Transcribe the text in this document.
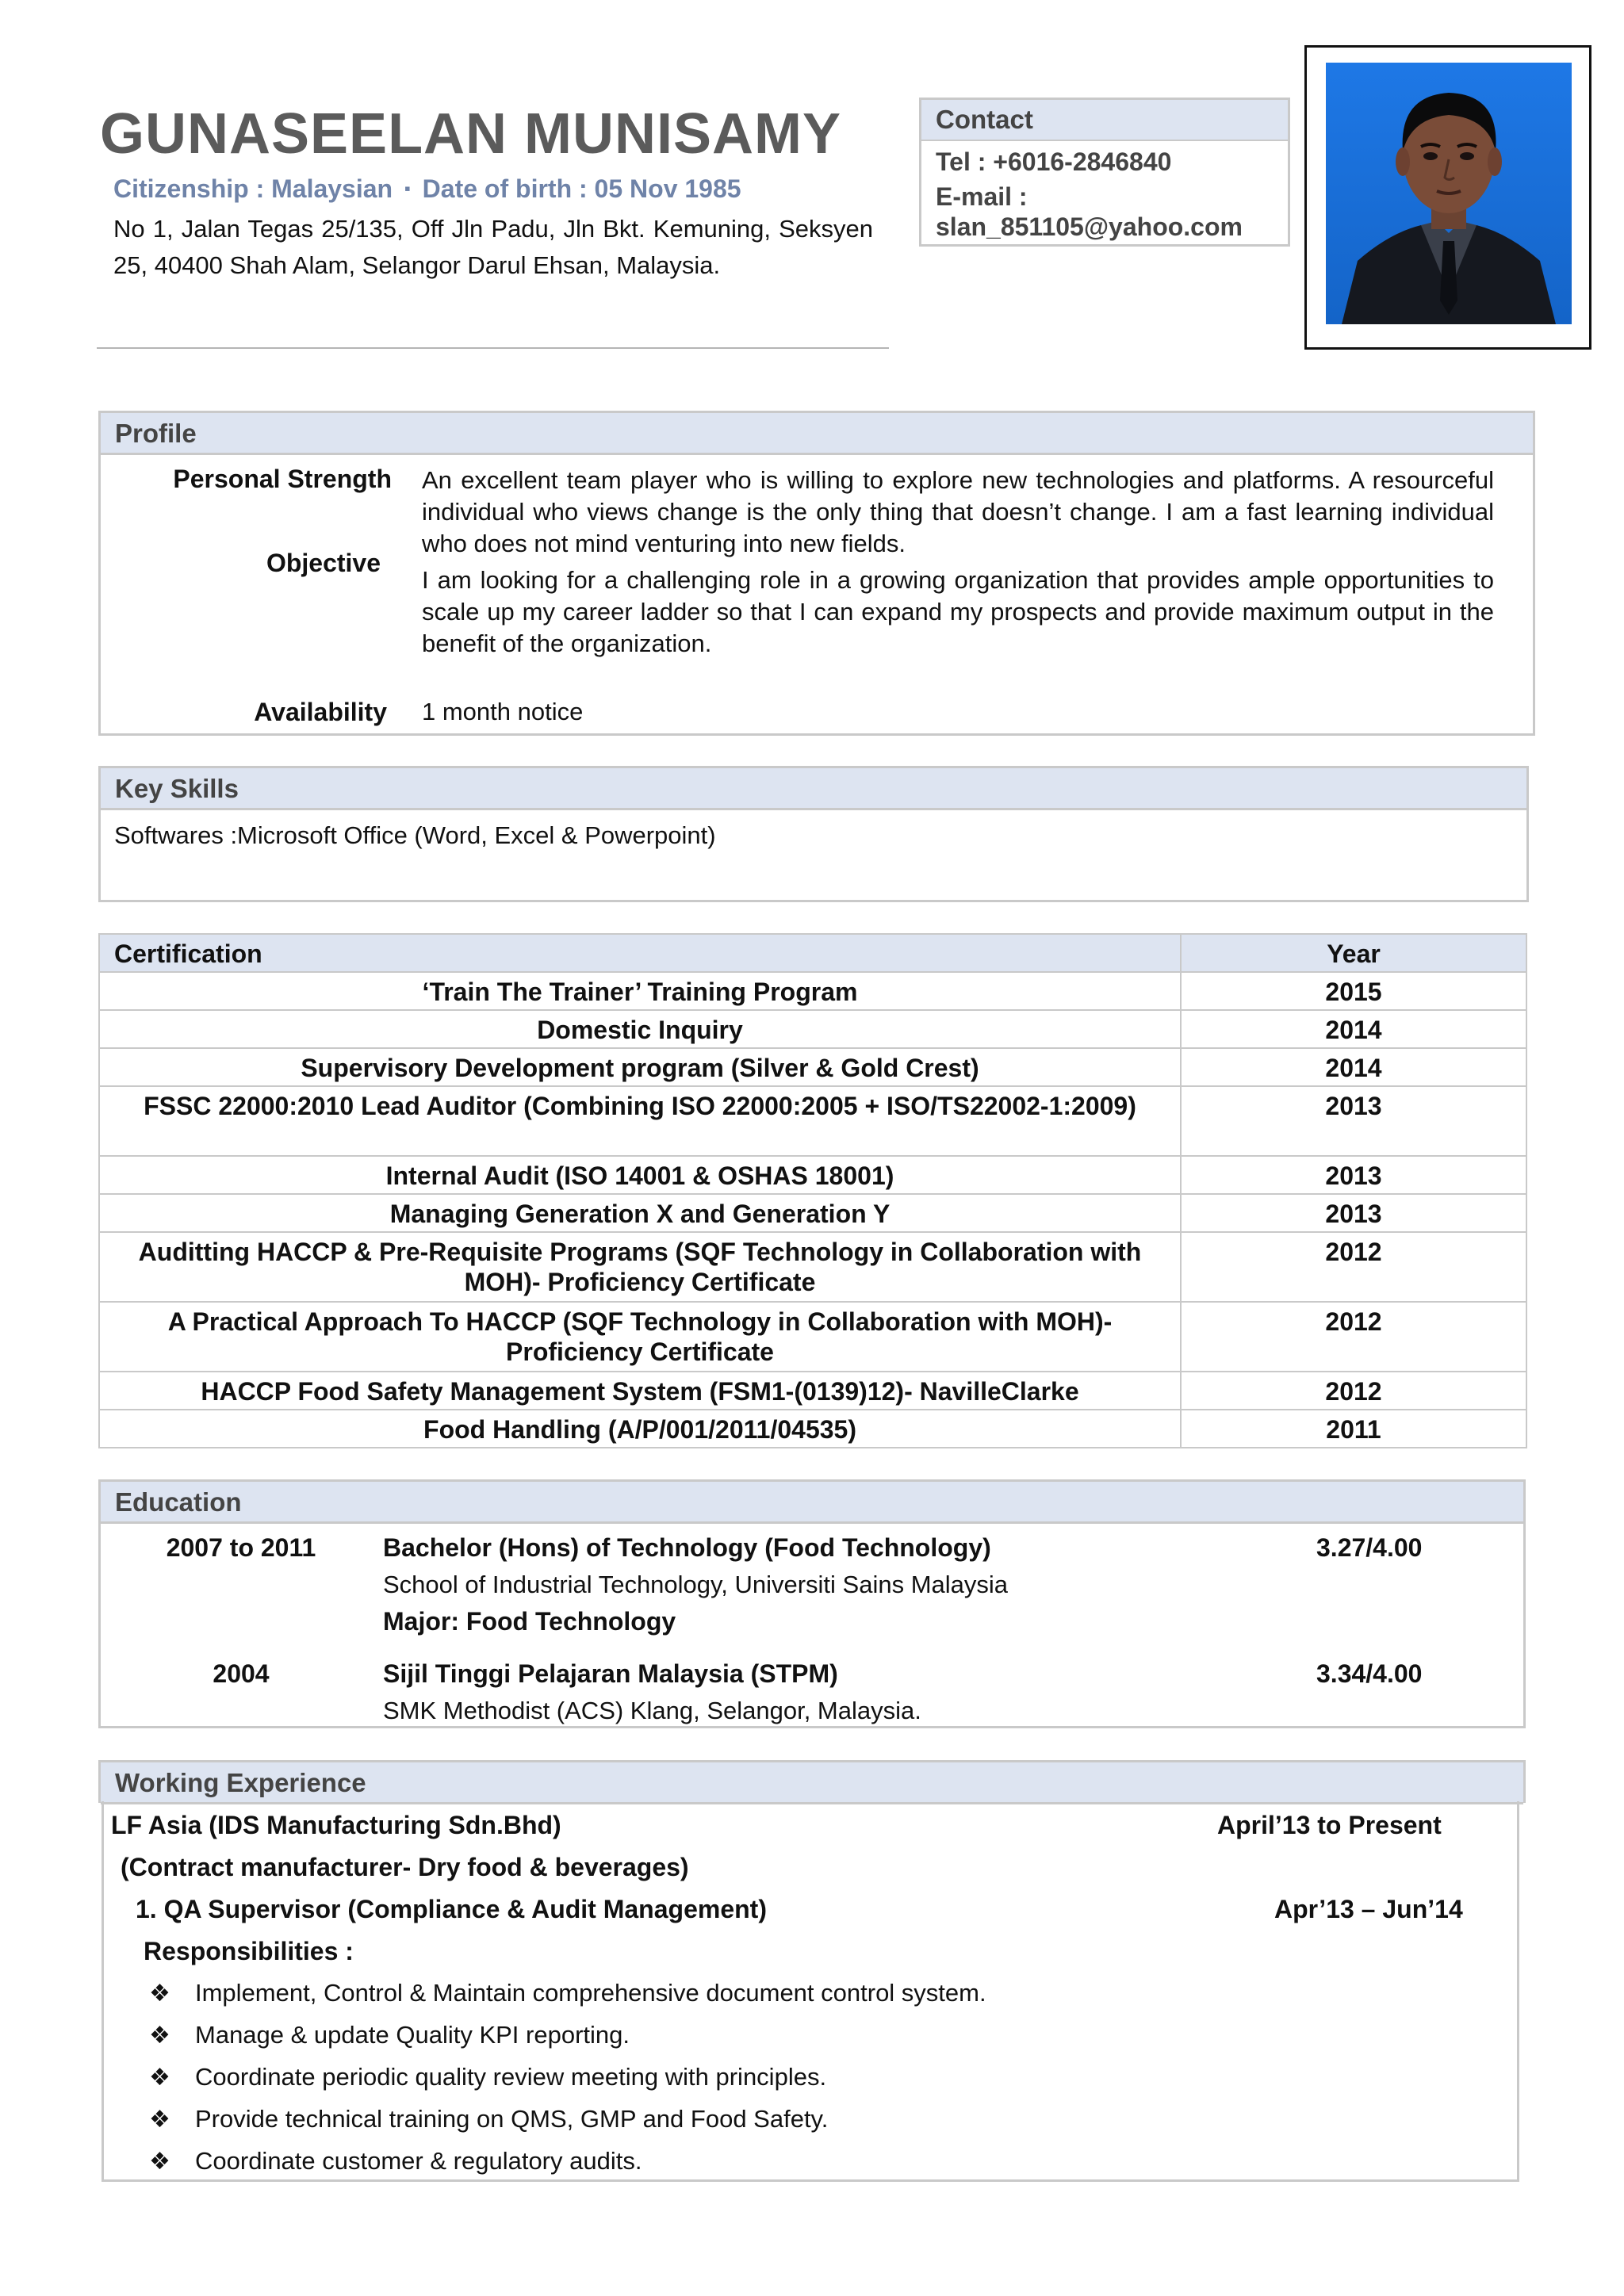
GUNASEELAN MUNISAMY
Citizenship : Malaysian ▪ Date of birth : 05 Nov 1985
No 1, Jalan Tegas 25/135, Off Jln Padu, Jln Bkt. Kemuning, Seksyen 25, 40400 Shah Alam, Selangor Darul Ehsan, Malaysia.
Contact
Tel : +6016-2846840
E-mail :
slan_851105@yahoo.com
Profile
Personal Strength An excellent team player who is willing to explore new technologies and platforms. A resourceful individual who views change is the only thing that doesn’t change. I am a fast learning individual who does not mind venturing into new fields.
Objective
I am looking for a challenging role in a growing organization that provides ample opportunities to scale up my career ladder so that I can expand my prospects and provide maximum output in the benefit of the organization.
Availability 1 month notice
Key Skills
Softwares :Microsoft Office (Word, Excel & Powerpoint)
Certification	Year
‘Train The Trainer’ Training Program	2015
Domestic Inquiry	2014
Supervisory Development program (Silver & Gold Crest)	2014
FSSC 22000:2010 Lead Auditor (Combining ISO 22000:2005 + ISO/TS22002-1:2009)	2013
Internal Audit (ISO 14001 & OSHAS 18001)	2013
Managing Generation X and Generation Y	2013
Auditting HACCP & Pre-Requisite Programs (SQF Technology in Collaboration with MOH)- Proficiency Certificate	2012
A Practical Approach To HACCP (SQF Technology in Collaboration with MOH)- Proficiency Certificate	2012
HACCP Food Safety Management System (FSM1-(0139)12)- NavilleClarke	2012
Food Handling (A/P/001/2011/04535)	2011
Education
2007 to 2011	Bachelor (Hons) of Technology (Food Technology)	3.27/4.00
School of Industrial Technology, Universiti Sains Malaysia
Major: Food Technology
2004	Sijil Tinggi Pelajaran Malaysia (STPM)	3.34/4.00
SMK Methodist (ACS) Klang, Selangor, Malaysia.
Working Experience
LF Asia (IDS Manufacturing Sdn.Bhd)	April’13 to Present
(Contract manufacturer- Dry food & beverages)
1. QA Supervisor (Compliance & Audit Management)	Apr’13 – Jun’14
Responsibilities :
❖ Implement, Control & Maintain comprehensive document control system.
❖ Manage & update Quality KPI reporting.
❖ Coordinate periodic quality review meeting with principles.
❖ Provide technical training on QMS, GMP and Food Safety.
❖ Coordinate customer & regulatory audits.
